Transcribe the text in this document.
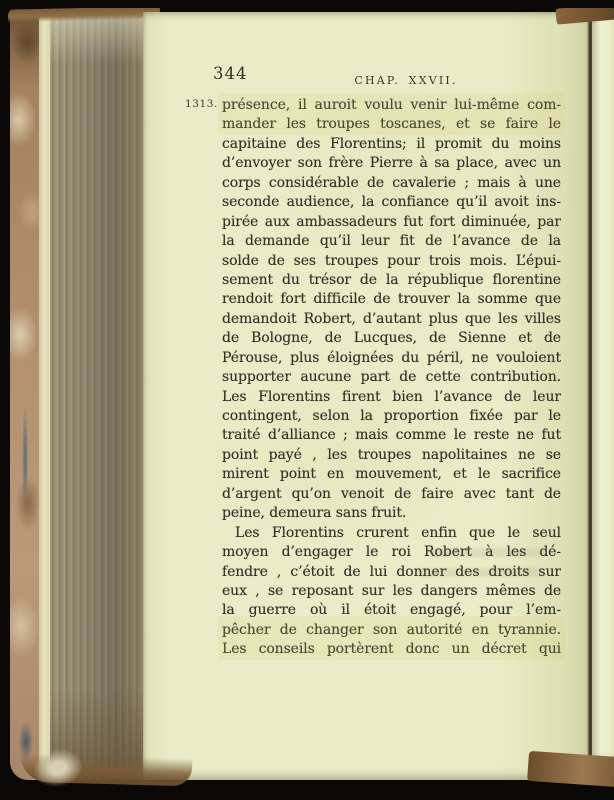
344	CHAP. XXVII.
1313. présence, il auroit voulu venir lui-même com-
mander les troupes toscanes, et se faire le
capitaine des Florentins; il promit du moins
d’envoyer son frère Pierre à sa place, avec un
corps considérable de cavalerie ; mais à une
seconde audience, la confiance qu’il avoit ins-
pirée aux ambassadeurs fut fort diminuée, par
la demande qu’il leur fit de l’avance de la
solde de ses troupes pour trois mois. L’épui-
sement du trésor de la république florentine
rendoit fort difficile de trouver la somme que
demandoit Robert, d’autant plus que les villes
de Bologne, de Lucques, de Sienne et de
Pérouse, plus éloignées du péril, ne vouloient
supporter aucune part de cette contribution.
Les Florentins firent bien l’avance de leur
contingent, selon la proportion fixée par le
traité d’alliance ; mais comme le reste ne fut
point payé , les troupes napolitaines ne se
mirent point en mouvement, et le sacrifice
d’argent qu’on venoit de faire avec tant de
peine, demeura sans fruit.
Les Florentins crurent enfin que le seul
moyen d’engager le roi Robert à les dé-
fendre , c’étoit de lui donner des droits sur
eux , se reposant sur les dangers mêmes de
la guerre où il étoit engagé, pour l’em-
pêcher de changer son autorité en tyrannie.
Les conseils portèrent donc un décret qui
